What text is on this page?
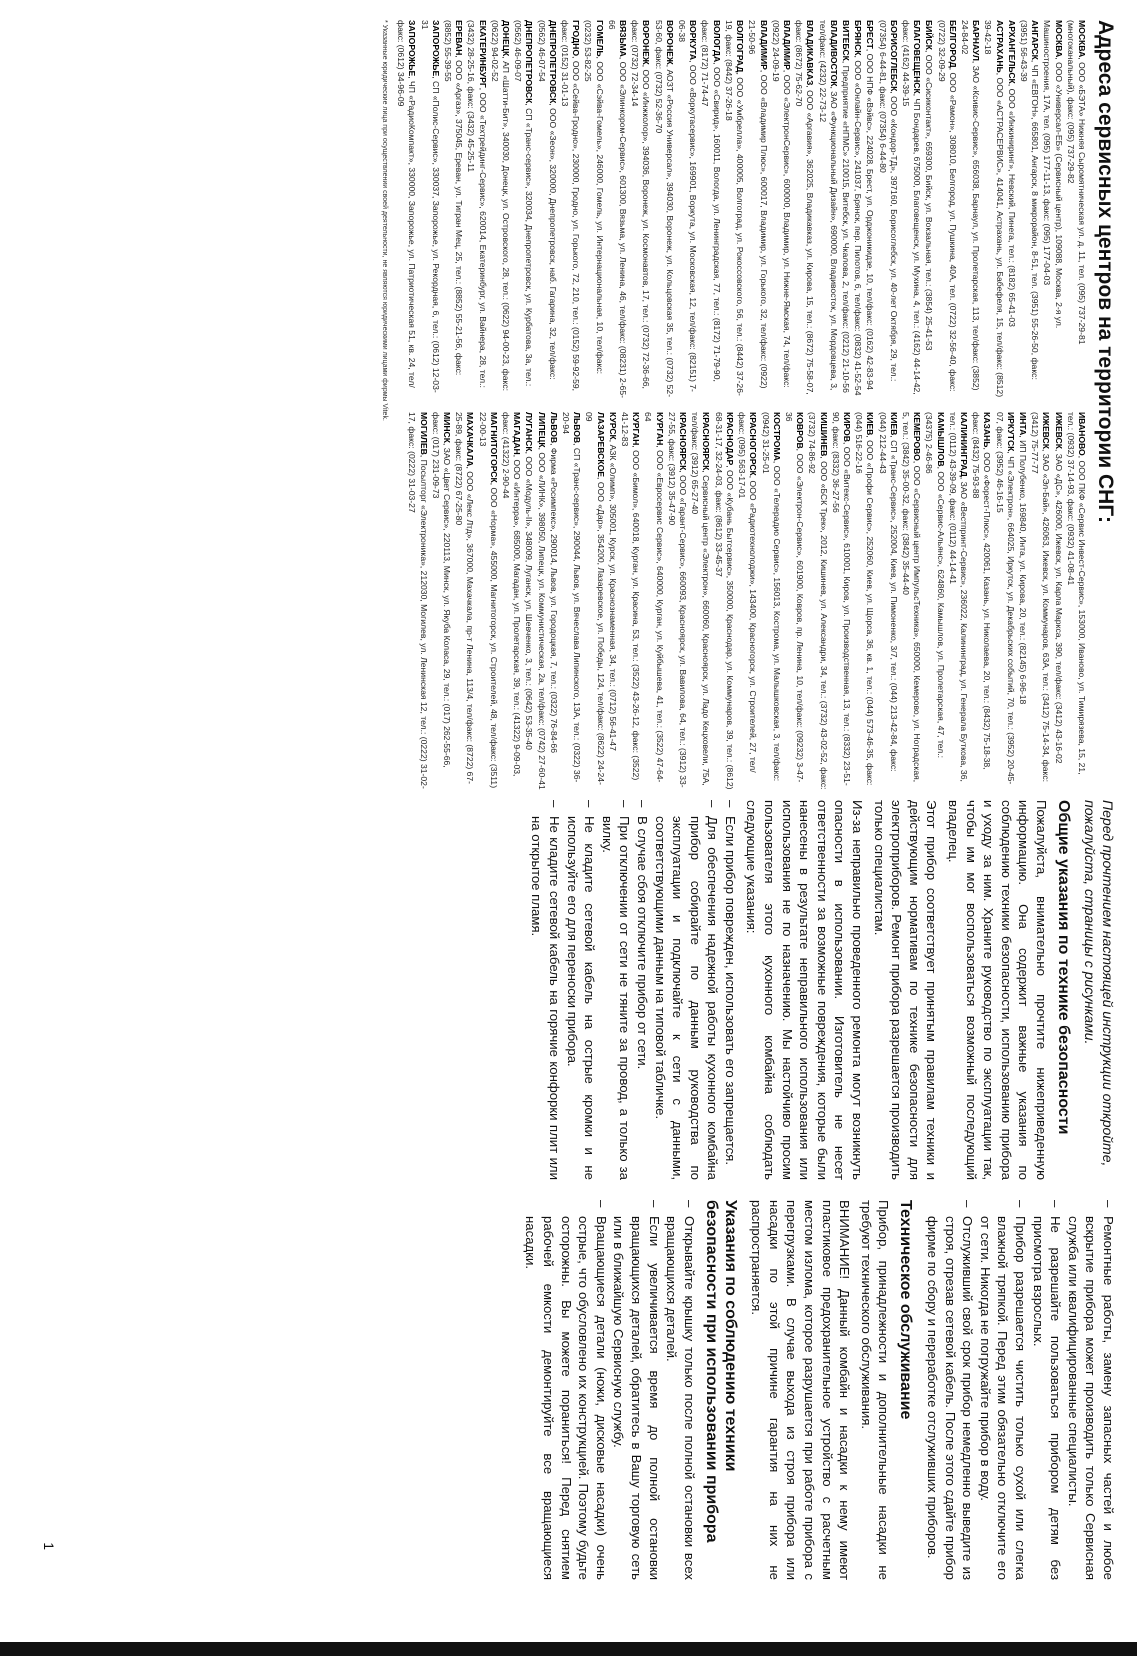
Адреса сервисных центров на территории СНГ:

МОСКВА, ООО «БЭТА» Нижняя Сыромятническая ул. д. 11, тел. (095) 737-29-81 (многоканальный), факс: (095) 737-29-82

МОСКВА, ООО «Универсал-ЕБ» (Сервисный центр), 109088, Москва, 2-я ул. Машиностроения, 17А, тел. (095) 177-11-13, факс: (095) 177-04-03

АНГАРСК, ЧП «ЕВГОН», 665801, Ангарск, 8 микрорайон, 8-51, тел. (3951) 55-26-50, факс: (3951) 56-43-39

АРХАНГЕЛЬСК, ООО «Инжиниринг», Невский, Пинега, тел.: (8182) 65-41-03

АСТРАХАНЬ, ООО «АСТРАСЕРВИС», 414041, Астрахань, ул. Бабефеля, 15, тел/факс: (8512) 39-42-18

БАРНАУЛ, ЗАО «Ксивис-Сервис», 656038, Барнаул, ул. Пролетарская, 113, тел/факс: (3852) 24-84-02

БЕЛГОРОД, ООО «Рамон», 308010, Белгород, ул. Пушкина, 40А, тел. (0722) 32-56-40, факс: (0722) 32-09-29

БИЙСК, ООО «Сисиконтакт», 659300, Бийск, ул. Вокзальная, тел.: (3854) 25-41-53

БЛАГОВЕЩЕНСК, ЧП Бондарев, 675000, Благовещенск, ул. Мухина, 4, тел.: (4162) 44-14-42, факс: (4162) 44-39-15

БОРИСОГЛЕБСК, ООО «Кондор-ТД», 397160, Борисоглебск, ул. 40-лет Октября, 29, тел.: (07354) 6-44-81, факс: (07354) 6-44-80

БРЕСТ, ООО НПФ «Вэйвс», 224028, Брест, ул. Орджоникидзе, 10, тел/факс: (0162) 42-83-94

БРЯНСК, ООО «Онлайн-Сервис», 241037, Брянск, пер. Пилотов, 6, тел/факс: (0832) 41-52-54

ВИТЕБСК, Предприятие «НПМС» 210015, Витебск, ул. Чкалова, 2, тел/факс: (0212) 21-10-56

ВЛАДИВОСТОК, ЗАО «Функциональный Дизайн», 690000, Владивосток, ул. Мордовцева, 3, тел/факс: (4232) 22-73-12

ВЛАДИКАВКАЗ, ООО «Аргавия», 362025, Владикавказ, ул. Кирова, 15, тел.: (8672) 75-58-07, факс: (8672) 75-62-70

ВЛАДИМИР, ООО «ЭлектронСервис», 600000, Владимир, ул. Нижне-Ямская, 74, тел/факс: (0922) 24-09-19

ВЛАДИМИР, ООО «Владимир Плюс», 600017, Владимир, ул. Горького, 32, тел/факс: (0922) 21-50-96

ВОЛГОГРАД, ООО «Умбрелла», 400005, Волгоград, ул. Рокоссовского, 56, тел.: (8442) 37-26-19, факс: (8442) 37-26-18

ВОЛОГДА, ООО «Свирид», 160011, Вологда, ул. Ленинградская, 77, тел.: (8172) 71-79-90, факс: (8172) 71-74-47

ВОРКУТА, ООО «Воркутасервис», 169901, Воркута, ул. Московская, 12, тел/факс: (82151) 7-06-38

ВОРОНЕЖ, АОЗТ «Россия Универсал», 394030, Воронеж, ул. Кольцовская 35, тел.: (0732) 52-53-60, факс: (0732) 52-36-70

ВОРОНЕЖ, ООО «Инжколор», 394036, Воронеж, ул. Космонавтов, 17, тел.: (0732) 72-36-66, факс: (0732) 72-34-14

ВЯЗЬМА, ООО «Элинкором-Сервис», 601300, Вязьма, ул. Ленина, 46, тел/факс: (08231) 2-65-66

ГОМЕЛЬ, ООО «Сэйва-Гомель», 246000, Гомель, ул. Интернациональная, 10, тел/факс: (0232) 53-82-25

ГРОДНО, ООО «Сейва-Гродно», 230000, Гродно, ул. Горького, 72, 210, тел.: (0152) 59-92-59, факс: (0152) 31-01-13

ДНЕПРОПЕТРОВСК, ООО «Зеон», 320000, Днепропетровск, наб. Гагарина, 32, тел/факс: (0562) 46-07-54

ДНЕПРОПЕТРОВСК, СП «Транс-сервис», 320034, Днепропетровск, ул. Курбатова, 3а, тел.: (0562) 46-09-07

ДОНЕЦК, АП «Шатти-Бит», 340030, Донецк, ул. Островского, 28, тел.: (0622) 94-00-23, факс: (0622) 94-02-52

ЕКАТЕРИНБУРГ, ООО «Техтрейдинг-Сервис», 620014, Екатеринбург, ул. Вайнера, 28, тел.: (3432) 28-25-16, факс: (3432) 45-25-11

ЕРЕВАН, ООО «Аргаз», 375045, Ереван, ул. Тигран Мец, 25, тел.: (8852) 55-21-56, факс: (8852) 55-39-55

ЗАПОРОЖЬЕ, СП «Полис-Сервис», 330037, Запорожье, ул. Рекордная, 6, тел.: (0612) 12-03-31

ЗАПОРОЖЬЕ, ЧП «РадиоКомпакт», 330000, Запорожье, ул. Патриотическая 51, кв. 24, тел/факс: (0612) 34-96-09

ИВАНОВО, ООО ПКФ «Сервис Инвест-Сервис», 153000, Иваново, ул. Тимирязева, 15, 21, тел.: (0932) 37-14-93, факс: (0932) 41-08-41

ИЖЕВСК, ЗАО «ДС», 426000, Ижевск, ул. Карла Маркса, 390, тел/факс: (3412) 43-16-02

ИЖЕВСК, ЗАО «Эл-Бай», 426063, Ижевск, ул. Коммунаров, 63А, тел.: (3412) 75-14-34, факс: (3412) 75-77-77

ИНТА, ИП Полубенко, 169840, Инта, ул. Кирова, 20, тел.: (82145) 6-96-18

ИРКУТСК, ЧП «Электрон», 664025, Иркутск, ул. Декабрьских событий, 70, тел.: (3952) 20-45-07, факс: (3952) 46-16-15

КАЗАНЬ, ООО «Форест-Плюс», 420061, Казань, ул. Николаева, 20, тел.: (8432) 75-18-38, факс: (8432) 75-93-88

КАЛИНИНГРАД, ЗАО «Вестпринт-Сервис», 236022, Калининград, ул. Генерала Буткова, 36, тел.: (0112) 43-39-09, факс: (0112) 44-14-41

КАМЫШЛОВ, ООО «Сервис-Альянс», 624860, Камышлов, ул. Пролетарская, 47, тел.: (34375) 2-46-86

КЕМЕРОВО, ООО «Сервисный центр ИмпульсТехника», 650000, Кемерово, ул. Ноградская, 5, тел.: (3842) 35-00-32, факс: (3842) 35-44-40

КИЕВ, СП «Транс-Сервис», 252004, Киев, ул. Пимоненко, 3/7, тел.: (044) 213-42-84, факс: (044) 212-44-43

КИЕВ, ООО «Профи Сервис», 252060, Киев, ул. Щорса, 36, кв. 1, тел.: (044) 573-46-35, факс: (044) 516-22-16

КИРОВ, ООО «Витекс-Сервис», 610001, Киров, ул. Производственная, 13, тел.: (8332) 23-51-90, факс: (8332) 36-27-56

КИШИНЕВ, ООО «БСК Трек», 2012, Кишинев, ул. Александри, 34, тел.: (3732) 43-02-52, факс: (3732) 74-86-92

КОВРОВ, ООО «Электрон-Сервис», 601900, Ковров, пр. Ленина, 10, тел/факс: (09232) 3-47-36

КОСТРОМА, ООО «Телерадио Сервис», 156013, Кострома, ул. Малышковская, 3, тел/факс: (0942) 31-25-01

КРАСНОГОРСК, ООО «Радиотехнолоджи», 143400, Красногорск, ул. Строителей, 27, тел/факс: (095) 563-17-01

КРАСНОДАР, ООО «Кубань Бытсервис», 350000, Краснодар, ул. Коммунаров, 39, тел.: (8612) 68-31-17, 32-24-03, факс: (8612) 33-45-37

КРАСНОЯРСК, Сервисный центр «Электрон», 660060, Красноярск, ул. Ладо Кецховели, 75А, тел/факс: (3912) 65-27-40

КРАСНОЯРСК, ООО «Гарант-Сервис», 660093, Красноярск, ул. Вавилова, 64, тел.: (3912) 33-27-55, факс: (3912) 35-47-90

КУРГАН, ООО «Евросервис Сервис», 640000, Курган, ул. Куйбышева, 41, тел.: (3522) 47-64-64

КУРГАН, ООО «Бимол», 640018, Курган, ул. Красина, 53, тел.: (3522) 43-26-12, факс: (3522) 41-12-83

КУРСК, АЗК «Олимп», 305001, Курск, ул. Краснознаменная, 34, тел.: (0712) 56-41-47

ЛАЗАРЕВСКОЕ, ООО «Дар», 354200, Лазаревское, ул. Победы, 124, тел/факс: (8622) 24-24-09

ЛЬВОВ, СП «Транс-сервис», 290044, Львов, ул. Вячеслава Липинского, 13А, тел.: (0322) 36-20-94

ЛЬВОВ, Фирма «Росимпекс», 290014, Львов, ул. Городоцкая, 7, тел.: (0322) 76-84-66

ЛИПЕЦК, ООО «ЛИНК», 398050, Липецк, ул. Коммунистическая, 2а, тел/факс: (0742) 27-60-41

ЛУГАНСК, ООО «Модуль-II», 348009, Луганск, ул. Шевченко, 3, тел.: (0642) 53-35-40

МАГАДАН, ООО «Интерра», 685000, Магадан, ул. Пролетарская, 39, тел.: (41322) 9-09-03, факс: (41322) 2-90-44

МАГНИТОГОРСК, ООО «Норма», 455000, Магнитогорск, ул. Строителей, 48, тел/факс: (3511) 22-00-13

МАХАЧКАЛА, ООО «Лекс Лтд», 367000, Махачкала, пр-т Ленина, 113/4, тел/факс: (8722) 67-25-89, факс: (8722) 67-25-80

МИНСК, ЗАО «Цвет Сервис», 220113, Минск, ул. Якуба Коласа, 29, тел.: (017) 262-55-66, факс: (017) 231-09-73

МОГИЛЕВ, Посылторг «Электроника», 212030, Могилев, ул. Ленинская 12, тел.: (0222) 31-02-17, факс: (0222) 31-03-27

* Указанные юридические лица при осуществлении своей деятельности, не являются юридическими лицами фирмы Vitek.

Перед прочтением настоящей инструкции откройте, пожалуйста, страницы с рисунками.

Общие указания по технике безопасности

Пожалуйста, внимательно прочтите нижеприведенную информацию. Она содержит важные указания по соблюдению техники безопасности, использованию прибора и уходу за ним. Храните руководство по эксплуатации так, чтобы им мог воспользоваться возможный последующий владелец.

Этот прибор соответствует принятым правилам техники и действующим нормативам по технике безопасности для электроприборов. Ремонт прибора разрешается производить только специалистам.

Из-за неправильно проведенного ремонта могут возникнуть опасности в использовании. Изготовитель не несет ответственности за возможные повреждения, которые были нанесены в результате неправильного использования или использования не по назначению. Мы настойчиво просим пользователя этого кухонного комбайна соблюдать следующие указания:

– Если прибор поврежден, использовать его запрещается.
– Для обеспечения надежной работы кухонного комбайна прибор собирайте по данным руководства по эксплуатации и подключайте к сети с данными, соответствующими данным на типовой табличке.
– В случае сбоя отключите прибор от сети.
– При отключении от сети не тяните за провод, а только за вилку.
– Не кладите сетевой кабель на острые кромки и не используйте его для переноски прибора.
– Не кладите сетевой кабель на горячие конфорки плит или на открытое пламя.
– Ремонтные работы, замену запасных частей и любое вскрытие прибора может производить только Сервисная служба или квалифицированные специалисты.
– Не разрешайте пользоваться прибором детям без присмотра взрослых.
– Прибор разрешается чистить только сухой или слегка влажной тряпкой. Перед этим обязательно отключите его от сети. Никогда не погружайте прибор в воду.
– Отслуживший свой срок прибор немедленно выведите из строя, отрезав сетевой кабель. После этого сдайте прибор фирме по сбору и переработке отслуживших приборов.
Техническое обслуживание

Прибор, принадлежности и дополнительные насадки не требуют технического обслуживания.

ВНИМАНИЕ! Данный комбайн и насадки к нему имеют пластиковое предохранительное устройство с расчетным местом излома, которое разрушается при работе прибора с перегрузками. В случае выхода из строя прибора или насадки по этой причине гарантия на них не распространяется.

Указания по соблюдению техники безопасности при использовании прибора
– Открывайте крышку только после полной остановки всех вращающихся деталей.
– Если увеличивается время до полной остановки вращающихся деталей, обратитесь в Вашу торговую сеть или в ближайшую Сервисную службу.
– Вращающиеся детали (ножи, дисковые насадки) очень острые, что обусловлено их конструкцией. Поэтому будьте осторожны. Вы можете пораниться! Перед снятием рабочей емкости демонтируйте все вращающиеся насадки.
1
